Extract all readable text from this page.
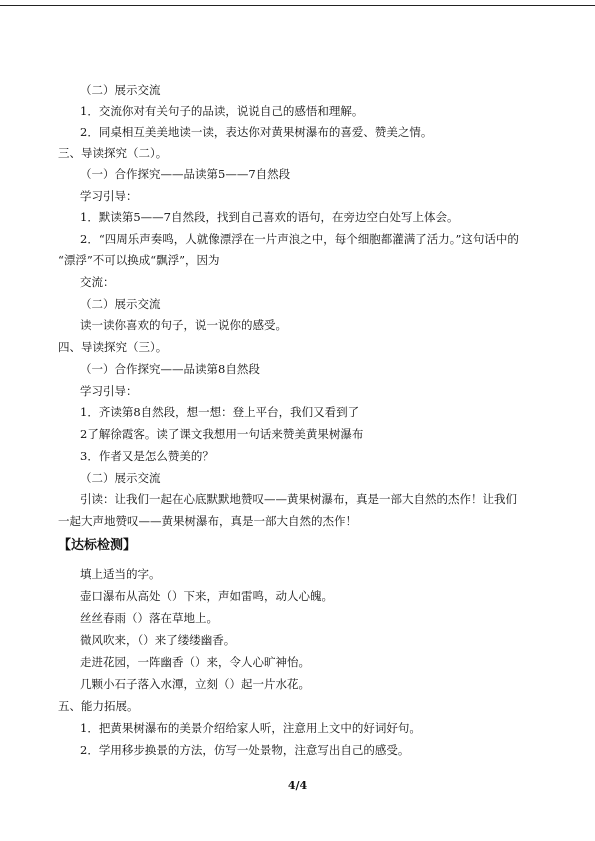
（二）展示交流
1．交流你对有关句子的品读，说说自己的感悟和理解。
2．同桌相互美美地读一读，表达你对黄果树瀑布的喜爱、赞美之情。
三、导读探究（二）。
（一）合作探究——品读第5——7自然段
学习引导：
1．默读第5——7自然段，找到自己喜欢的语句，在旁边空白处写上体会。
2．“四周乐声奏鸣，人就像漂浮在一片声浪之中，每个细胞都灌满了活力。”这句话中的
“漂浮”不可以换成“飘浮”，因为
交流：
（二）展示交流
读一读你喜欢的句子，说一说你的感受。
四、导读探究（三）。
（一）合作探究——品读第8自然段
学习引导：
1．齐读第8自然段，想一想：登上平台，我们又看到了
2了解徐霞客。读了课文我想用一句话来赞美黄果树瀑布
3．作者又是怎么赞美的？
（二）展示交流
引读：让我们一起在心底默默地赞叹——黄果树瀑布，真是一部大自然的杰作！让我们
一起大声地赞叹——黄果树瀑布，真是一部大自然的杰作！
【达标检测】
填上适当的字。
壶口瀑布从高处（）下来，声如雷鸣，动人心魄。
丝丝春雨（）落在草地上。
微风吹来，（）来了缕缕幽香。
走进花园，一阵幽香（）来，令人心旷神怡。
几颗小石子落入水潭，立刻（）起一片水花。
五、能力拓展。
1．把黄果树瀑布的美景介绍给家人听，注意用上文中的好词好句。
2．学用移步换景的方法，仿写一处景物，注意写出自己的感受。
4/4
